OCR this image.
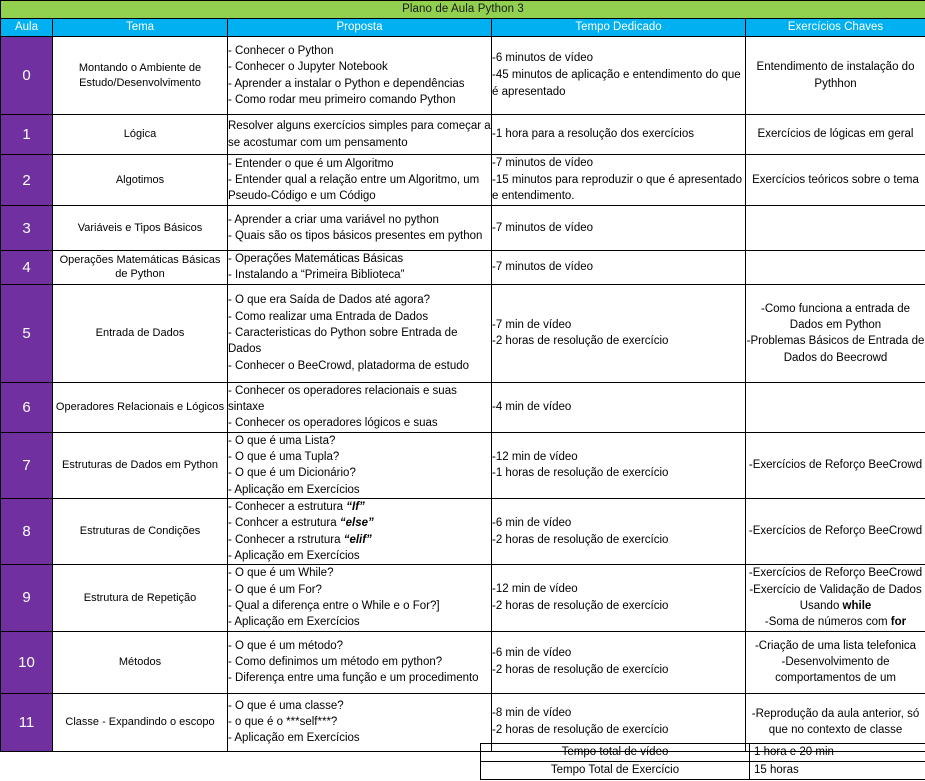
Plano de Aula Python 3				
Aula	Tema	Proposta	Tempo Dedicado	Exercícios Chaves
0	Montando o Ambiente de Estudo/Desenvolvimento	- Conhecer o Python
- Conhecer o Jupyter Notebook
- Aprender a instalar o Python e dependências
- Como rodar meu primeiro comando Python	-6 minutos de vídeo
-45 minutos de aplicação e entendimento do que é apresentado	Entendimento de instalação do Pythhon

1	Lógica	Resolver alguns exercícios simples para começar a se acostumar com um pensamento	-1 hora para a resolução dos exercícios	Exercícios de lógicas em geral

2	Algotimos	- Entender o que é um Algoritmo
- Entender qual a relação entre um Algoritmo, um Pseudo-Código e um Código	-7 minutos de vídeo
-15 minutos para reproduzir o que é apresentado e entendimento.	Exercícios teóricos sobre o tema

3	Variáveis e Tipos Básicos	- Aprender a criar uma variável no python
- Quais são os tipos básicos presentes em python	-7 minutos de vídeo	

4	Operações Matemáticas Básicas de Python	- Operações Matemáticas Básicas
- Instalando a “Primeira Biblioteca”	-7 minutos de vídeo	

5	Entrada de Dados	- O que era Saída de Dados até agora?
- Como realizar uma Entrada de Dados
- Caracteristicas do Python sobre Entrada de Dados
- Conhecer o BeeCrowd, platadorma de estudo	-7 min de vídeo
-2 horas de resolução de exercício	-Como funciona a entrada de Dados em Python
-Problemas Básicos de Entrada de Dados do Beecrowd

6	Operadores Relacionais e Lógicos	- Conhecer os operadores relacionais e suas sintaxe
- Conhecer os operadores lógicos e suas	-4 min de vídeo	

7	Estruturas de Dados em Python	- O que é uma Lista?
- O que é uma Tupla?
- O que é um Dicionário?
- Aplicação em Exercícios	-12 min de vídeo
-1 horas de resolução de exercício	-Exercícios de Reforço BeeCrowd

8	Estruturas de Condições	- Conhecer a estrutura “If”
- Conhcer a estrutura “else”
- Conhecer a rstrutura “elif”
- Aplicação em Exercícios	-6 min de vídeo
-2 horas de resolução de exercício	-Exercícios de Reforço BeeCrowd

9	Estrutura de Repetição	- O que é um While?
- O que é um For?
- Qual a diferença entre o While e o For?]
- Aplicação em Exercícios	-12 min de vídeo
-2 horas de resolução de exercício	-Exercícios de Reforço BeeCrowd
-Exercício de Validação de Dados Usando while
-Soma de números com for

10	Métodos	- O que é um método?
- Como definimos um método em python?
- Diferença entre uma função e um procedimento	-6 min de vídeo
-2 horas de resolução de exercício	-Criação de uma lista telefonica
-Desenvolvimento de comportamentos de um

11	Classe - Expandindo o escopo	- O que é uma classe?
- o que é o ***self***?
- Aplicação em Exercícios	-8 min de vídeo
-2 horas de resolução de exercício	-Reprodução da aula anterior, só que no contexto de classe
Tempo total de vídeo	1 hora e 20 min
Tempo Total de Exercício	15 horas
